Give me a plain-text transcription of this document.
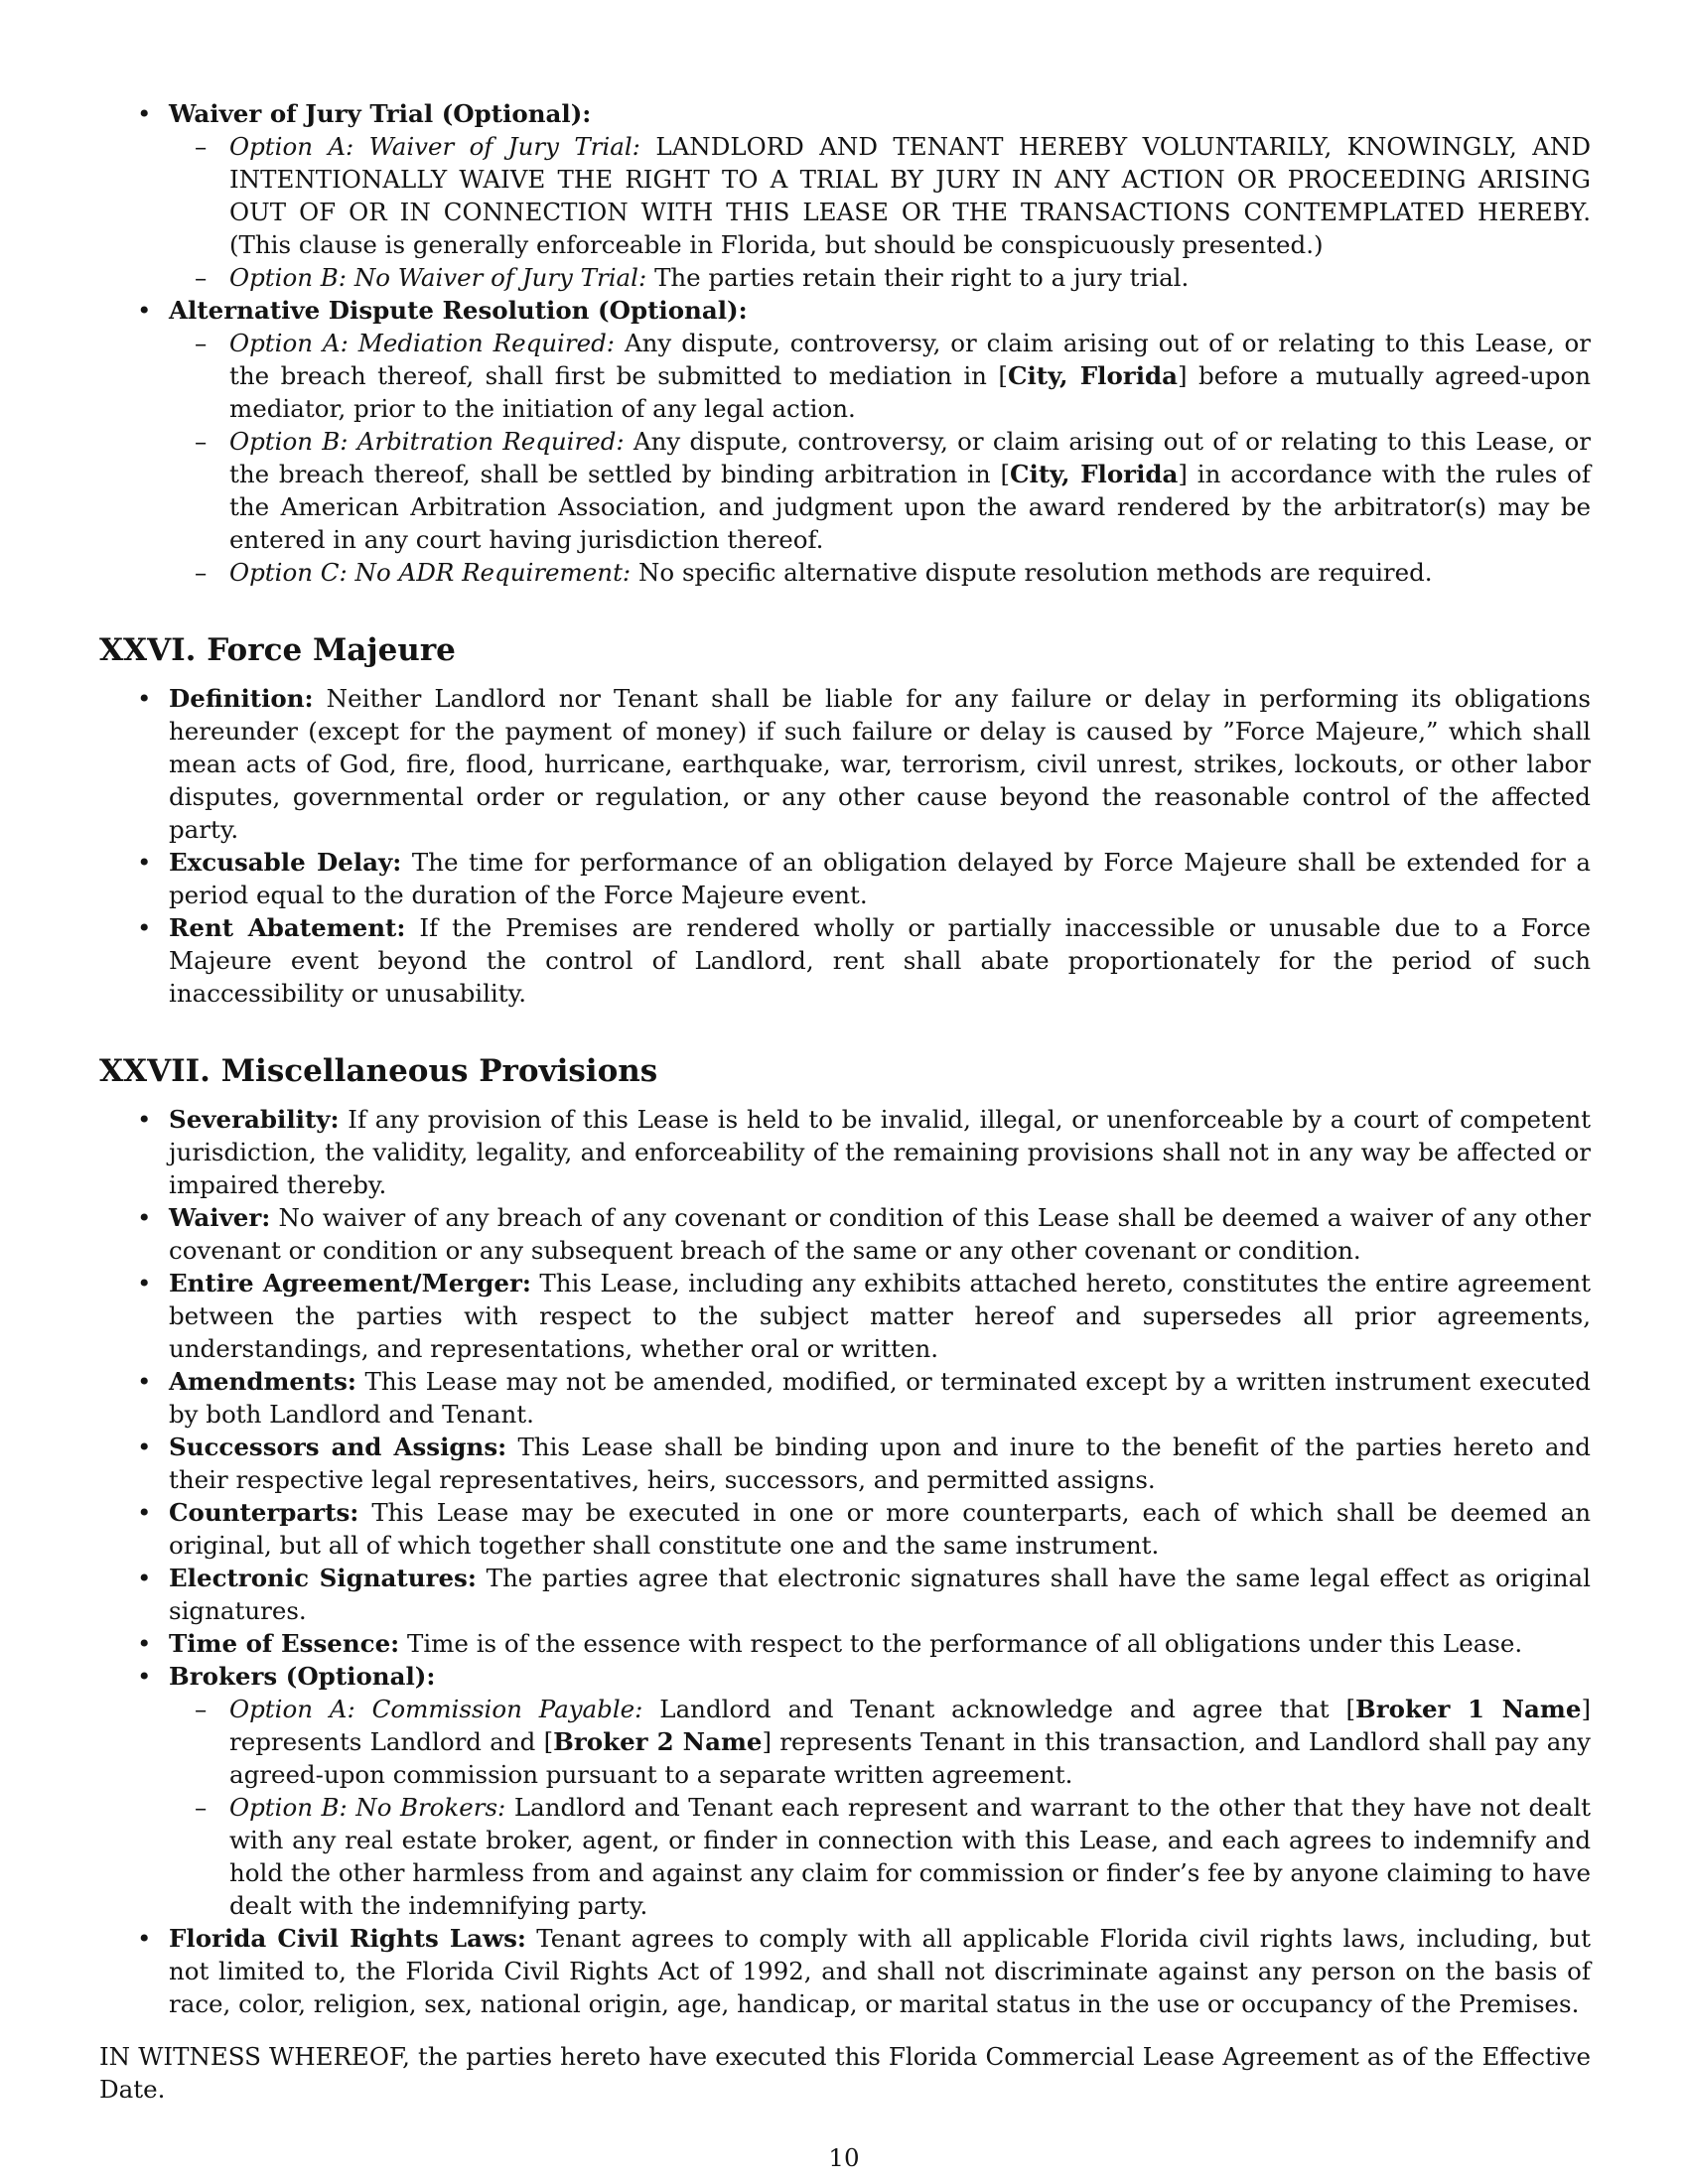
• Waiver of Jury Trial (Optional):
– Option A: Waiver of Jury Trial: LANDLORD AND TENANT HEREBY VOLUNTARILY, KNOWINGLY, AND INTENTIONALLY WAIVE THE RIGHT TO A TRIAL BY JURY IN ANY ACTION OR PROCEEDING ARISING OUT OF OR IN CONNECTION WITH THIS LEASE OR THE TRANSACTIONS CONTEMPLATED HEREBY. (This clause is generally enforceable in Florida, but should be conspicuously presented.)
– Option B: No Waiver of Jury Trial: The parties retain their right to a jury trial.
• Alternative Dispute Resolution (Optional):
– Option A: Mediation Required: Any dispute, controversy, or claim arising out of or relating to this Lease, or the breach thereof, shall first be submitted to mediation in [City, Florida] before a mutually agreed-upon mediator, prior to the initiation of any legal action.
– Option B: Arbitration Required: Any dispute, controversy, or claim arising out of or relating to this Lease, or the breach thereof, shall be settled by binding arbitration in [City, Florida] in accordance with the rules of the American Arbitration Association, and judgment upon the award rendered by the arbitrator(s) may be entered in any court having jurisdiction thereof.
– Option C: No ADR Requirement: No specific alternative dispute resolution methods are required.
XXVI. Force Majeure
• Definition: Neither Landlord nor Tenant shall be liable for any failure or delay in performing its obligations hereunder (except for the payment of money) if such failure or delay is caused by ”Force Majeure,” which shall mean acts of God, fire, flood, hurricane, earthquake, war, terrorism, civil unrest, strikes, lockouts, or other labor disputes, governmental order or regulation, or any other cause beyond the reasonable control of the affected party.
• Excusable Delay: The time for performance of an obligation delayed by Force Majeure shall be extended for a period equal to the duration of the Force Majeure event.
• Rent Abatement: If the Premises are rendered wholly or partially inaccessible or unusable due to a Force Majeure event beyond the control of Landlord, rent shall abate proportionately for the period of such inaccessibility or unusability.
XXVII. Miscellaneous Provisions
• Severability: If any provision of this Lease is held to be invalid, illegal, or unenforceable by a court of competent jurisdiction, the validity, legality, and enforceability of the remaining provisions shall not in any way be affected or impaired thereby.
• Waiver: No waiver of any breach of any covenant or condition of this Lease shall be deemed a waiver of any other covenant or condition or any subsequent breach of the same or any other covenant or condition.
• Entire Agreement/Merger: This Lease, including any exhibits attached hereto, constitutes the entire agreement between the parties with respect to the subject matter hereof and supersedes all prior agreements, understandings, and representations, whether oral or written.
• Amendments: This Lease may not be amended, modified, or terminated except by a written instrument executed by both Landlord and Tenant.
• Successors and Assigns: This Lease shall be binding upon and inure to the benefit of the parties hereto and their respective legal representatives, heirs, successors, and permitted assigns.
• Counterparts: This Lease may be executed in one or more counterparts, each of which shall be deemed an original, but all of which together shall constitute one and the same instrument.
• Electronic Signatures: The parties agree that electronic signatures shall have the same legal effect as original signatures.
• Time of Essence: Time is of the essence with respect to the performance of all obligations under this Lease.
• Brokers (Optional):
– Option A: Commission Payable: Landlord and Tenant acknowledge and agree that [Broker 1 Name] represents Landlord and [Broker 2 Name] represents Tenant in this transaction, and Landlord shall pay any agreed-upon commission pursuant to a separate written agreement.
– Option B: No Brokers: Landlord and Tenant each represent and warrant to the other that they have not dealt with any real estate broker, agent, or finder in connection with this Lease, and each agrees to indemnify and hold the other harmless from and against any claim for commission or finder’s fee by anyone claiming to have dealt with the indemnifying party.
• Florida Civil Rights Laws: Tenant agrees to comply with all applicable Florida civil rights laws, including, but not limited to, the Florida Civil Rights Act of 1992, and shall not discriminate against any person on the basis of race, color, religion, sex, national origin, age, handicap, or marital status in the use or occupancy of the Premises.

IN WITNESS WHEREOF, the parties hereto have executed this Florida Commercial Lease Agreement as of the Effective Date.

10
